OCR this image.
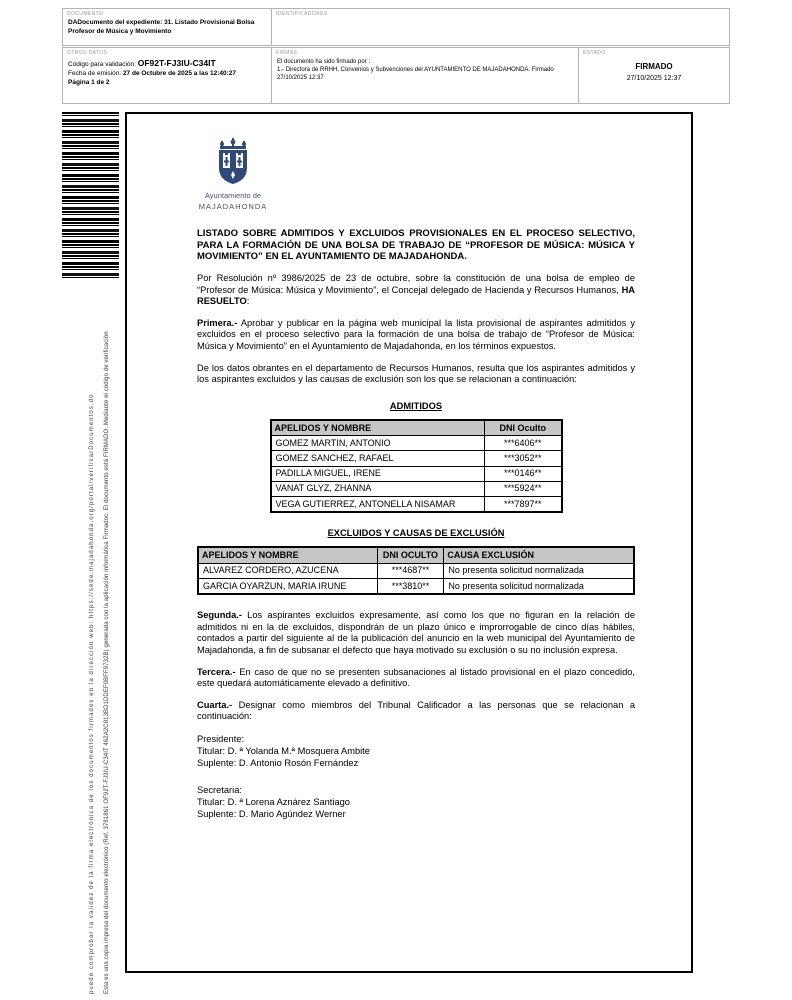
DOCUMENTO
DADocumento del expediente: 31. Listado Provisional Bolsa
Profesor de Música y Movimiento
IDENTIFICADORES
OTROS DATOS
Código para validación: OF92T-FJ3IU-C34IT
Fecha de emisión: 27 de Octubre de 2025 a las 12:40:27
Página 1 de 2
FIRMAS
El documento ha sido firmado por :
1.- Directora de RRHH, Convenios y Subvenciones del AYUNTAMIENTO DE MAJADAHONDA. Firmado 27/10/2025 12:37
ESTADO
FIRMADO
27/10/2025 12:37
Esta es una copia impresa del documento electrónico (Ref. 3781861 OF92T-FJ3IU-C34IT 462A2C813BD1DDEF0BFF9732B) generada con la aplicación informática Firmadoc. El documento está FIRMADO. Mediante el código de verificación
puede comprobar la validez de la firma electrónica de los documentos firmados en la dirección web: https://sede.majadahonda.org/portal/verificarDocumentos.do
Ayuntamiento de
MAJADAHONDA
LISTADO SOBRE ADMITIDOS Y EXCLUIDOS PROVISIONALES EN EL PROCESO SELECTIVO, PARA LA FORMACIÓN DE UNA BOLSA DE TRABAJO DE “PROFESOR DE MÚSICA: MÚSICA Y MOVIMIENTO” EN EL AYUNTAMIENTO DE MAJADAHONDA.
Por Resolución nº 3986/2025 de 23 de octubre, sobre la constitución de una bolsa de empleo de “Profesor de Música: Música y Movimiento”, el Concejal delegado de Hacienda y Recursos Humanos, HA RESUELTO:
Primera.- Aprobar y publicar en la página web municipal la lista provisional de aspirantes admitidos y excluidos en el proceso selectivo para la formación de una bolsa de trabajo de “Profesor de Música: Música y Movimiento” en el Ayuntamiento de Majadahonda, en los términos expuestos.
De los datos obrantes en el departamento de Recursos Humanos, resulta que los aspirantes admitidos y los aspirantes excluidos y las causas de exclusión son los que se relacionan a continuación:
ADMITIDOS
APELIDOS Y NOMBRE	DNI Oculto
GOMEZ MARTIN, ANTONIO	***6406**
GOMEZ SANCHEZ, RAFAEL	***3052**
PADILLA MIGUEL, IRENE	***0146**
VANAT GLYZ, ZHANNA	***5924**
VEGA GUTIERREZ, ANTONELLA NISAMAR	***7897**
EXCLUIDOS Y CAUSAS DE EXCLUSIÓN
APELIDOS Y NOMBRE	DNI OCULTO	CAUSA EXCLUSIÓN
ALVAREZ CORDERO, AZUCENA	***4687**	No presenta solicitud normalizada
GARCIA OYARZUN, MARIA IRUNE	***3810**	No presenta solicitud normalizada
Segunda.- Los aspirantes excluidos expresamente, así como los que no figuran en la relación de admitidos ni en la de excluidos, dispondrán de un plazo único e improrrogable de cinco días hábiles, contados a partir del siguiente al de la publicación del anuncio en la web municipal del Ayuntamiento de Majadahonda, a fin de subsanar el defecto que haya motivado su exclusión o su no inclusión expresa.
Tercera.- En caso de que no se presenten subsanaciones al listado provisional en el plazo concedido, este quedará automáticamente elevado a definitivo.
Cuarta.- Designar como miembros del Tribunal Calificador a las personas que se relacionan a continuación:
Presidente:
Titular: D. ª Yolanda M.ª Mosquera Ambite
Suplente: D. Antonio Rosón Fernández
Secretaria:
Titular: D. ª Lorena Aznárez Santiago
Suplente: D. Mario Agúndez Werner
